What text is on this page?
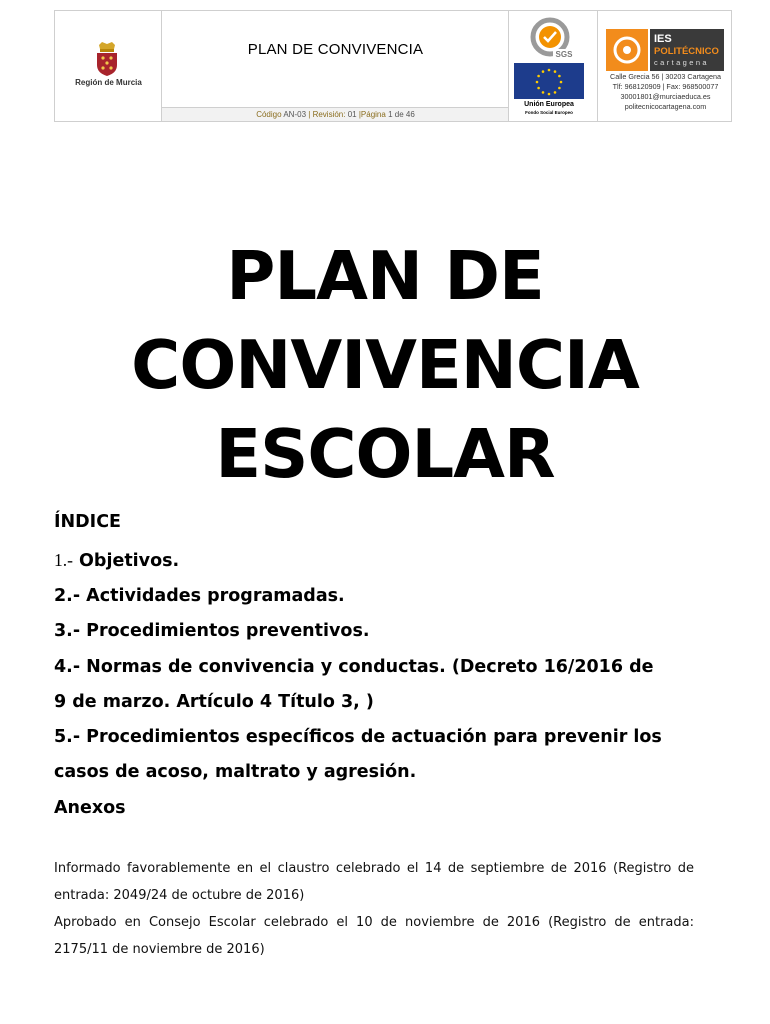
Región de Murcia
PLAN DE CONVIVENCIA
Código AN-03 | Revisión: 01 |Página 1 de 46
SGS
Unión Europea
Fondo Social Europeo
IES
POLITÉCNICO
cartagena
Calle Grecia 56 | 30203 Cartagena
Tlf: 968120909 | Fax: 968500077
30001801@murciaeduca.es
politecnicocartagena.com
PLAN DE
CONVIVENCIA
ESCOLAR
ÍNDICE
1.- Objetivos.
2.- Actividades programadas.
3.- Procedimientos preventivos.
4.- Normas de convivencia y conductas. (Decreto 16/2016 de
9 de marzo. Artículo 4 Título 3, )
5.- Procedimientos específicos de actuación para prevenir los
casos de acoso, maltrato y agresión.
Anexos

Informado favorablemente en el claustro celebrado el 14 de septiembre de 2016 (Registro de entrada: 2049/24 de octubre de 2016)

Aprobado en Consejo Escolar celebrado el 10 de noviembre de 2016 (Registro de entrada: 2175/11 de noviembre de 2016)
